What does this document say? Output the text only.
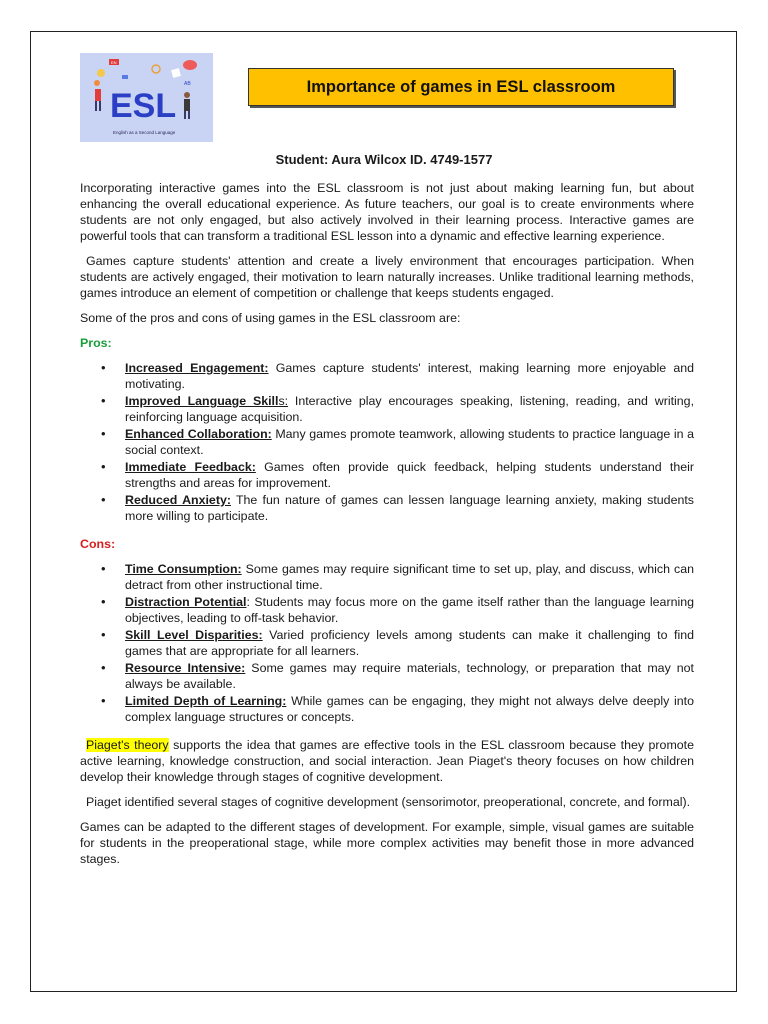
EN
AB
ESL
English as a Second Language
Importance of games in ESL classroom
Student: Aura Wilcox ID. 4749-1577

Incorporating interactive games into the ESL classroom is not just about making learning fun, but about enhancing the overall educational experience. As future teachers, our goal is to create environments where students are not only engaged, but also actively involved in their learning process. Interactive games are powerful tools that can transform a traditional ESL lesson into a dynamic and effective learning experience.

Games capture students' attention and create a lively environment that encourages participation. When students are actively engaged, their motivation to learn naturally increases. Unlike traditional learning methods, games introduce an element of competition or challenge that keeps students engaged.

Some of the pros and cons of using games in the ESL classroom are:

Pros:

• Increased Engagement: Games capture students' interest, making learning more enjoyable and motivating.
• Improved Language Skills: Interactive play encourages speaking, listening, reading, and writing, reinforcing language acquisition.
• Enhanced Collaboration: Many games promote teamwork, allowing students to practice language in a social context.
• Immediate Feedback: Games often provide quick feedback, helping students understand their strengths and areas for improvement.
• Reduced Anxiety: The fun nature of games can lessen language learning anxiety, making students more willing to participate.

Cons:

• Time Consumption: Some games may require significant time to set up, play, and discuss, which can detract from other instructional time.
• Distraction Potential: Students may focus more on the game itself rather than the language learning objectives, leading to off-task behavior.
• Skill Level Disparities: Varied proficiency levels among students can make it challenging to find games that are appropriate for all learners.
• Resource Intensive: Some games may require materials, technology, or preparation that may not always be available.
• Limited Depth of Learning: While games can be engaging, they might not always delve deeply into complex language structures or concepts.

Piaget's theory supports the idea that games are effective tools in the ESL classroom because they promote active learning, knowledge construction, and social interaction. Jean Piaget's theory focuses on how children develop their knowledge through stages of cognitive development.

Piaget identified several stages of cognitive development (sensorimotor, preoperational, concrete, and formal).

Games can be adapted to the different stages of development. For example, simple, visual games are suitable for students in the preoperational stage, while more complex activities may benefit those in more advanced stages.
